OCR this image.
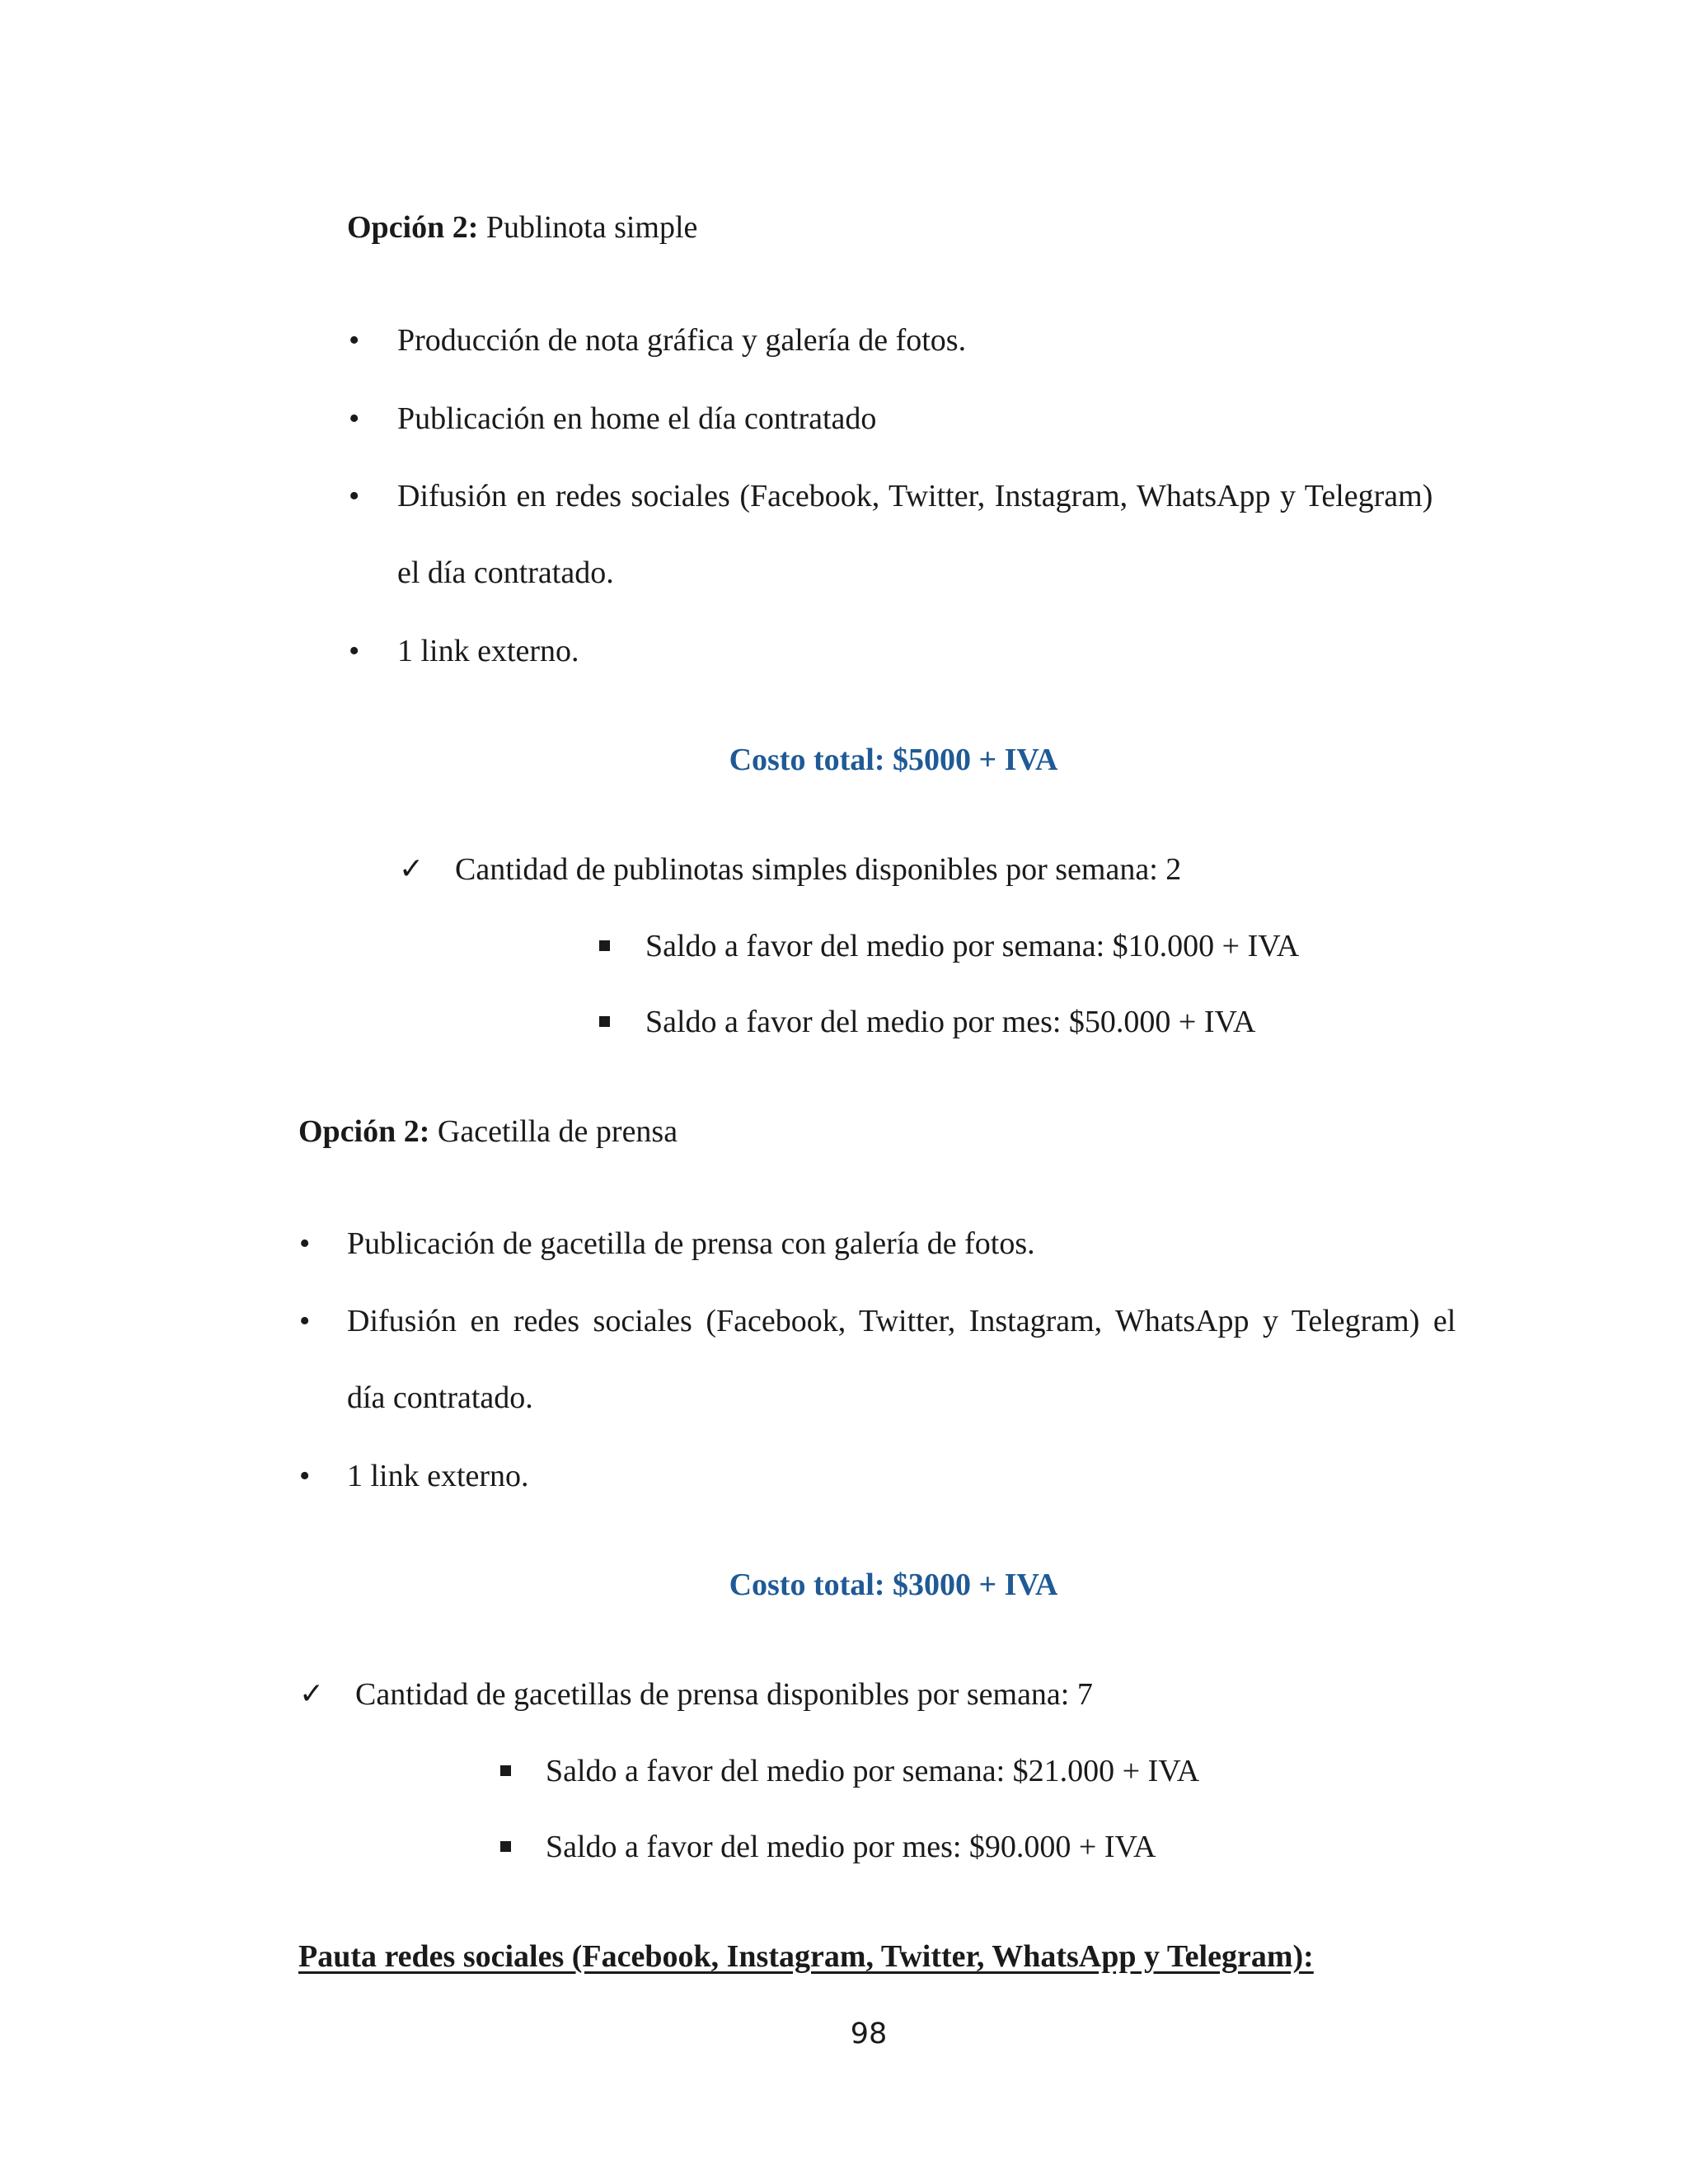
Opción 2: Publinota simple
• Producción de nota gráfica y galería de fotos.
• Publicación en home el día contratado
• Difusión en redes sociales (Facebook, Twitter, Instagram, WhatsApp y Telegram)
el día contratado.
• 1 link externo.
Costo total: $5000 + IVA
✓ Cantidad de publinotas simples disponibles por semana: 2
Saldo a favor del medio por semana: $10.000 + IVA
Saldo a favor del medio por mes: $50.000 + IVA
Opción 2: Gacetilla de prensa
• Publicación de gacetilla de prensa con galería de fotos.
• Difusión en redes sociales (Facebook, Twitter, Instagram, WhatsApp y Telegram) el
día contratado.
• 1 link externo.
Costo total: $3000 + IVA
✓ Cantidad de gacetillas de prensa disponibles por semana: 7
Saldo a favor del medio por semana: $21.000 + IVA
Saldo a favor del medio por mes: $90.000 + IVA
Pauta redes sociales (Facebook, Instagram, Twitter, WhatsApp y Telegram):
98
